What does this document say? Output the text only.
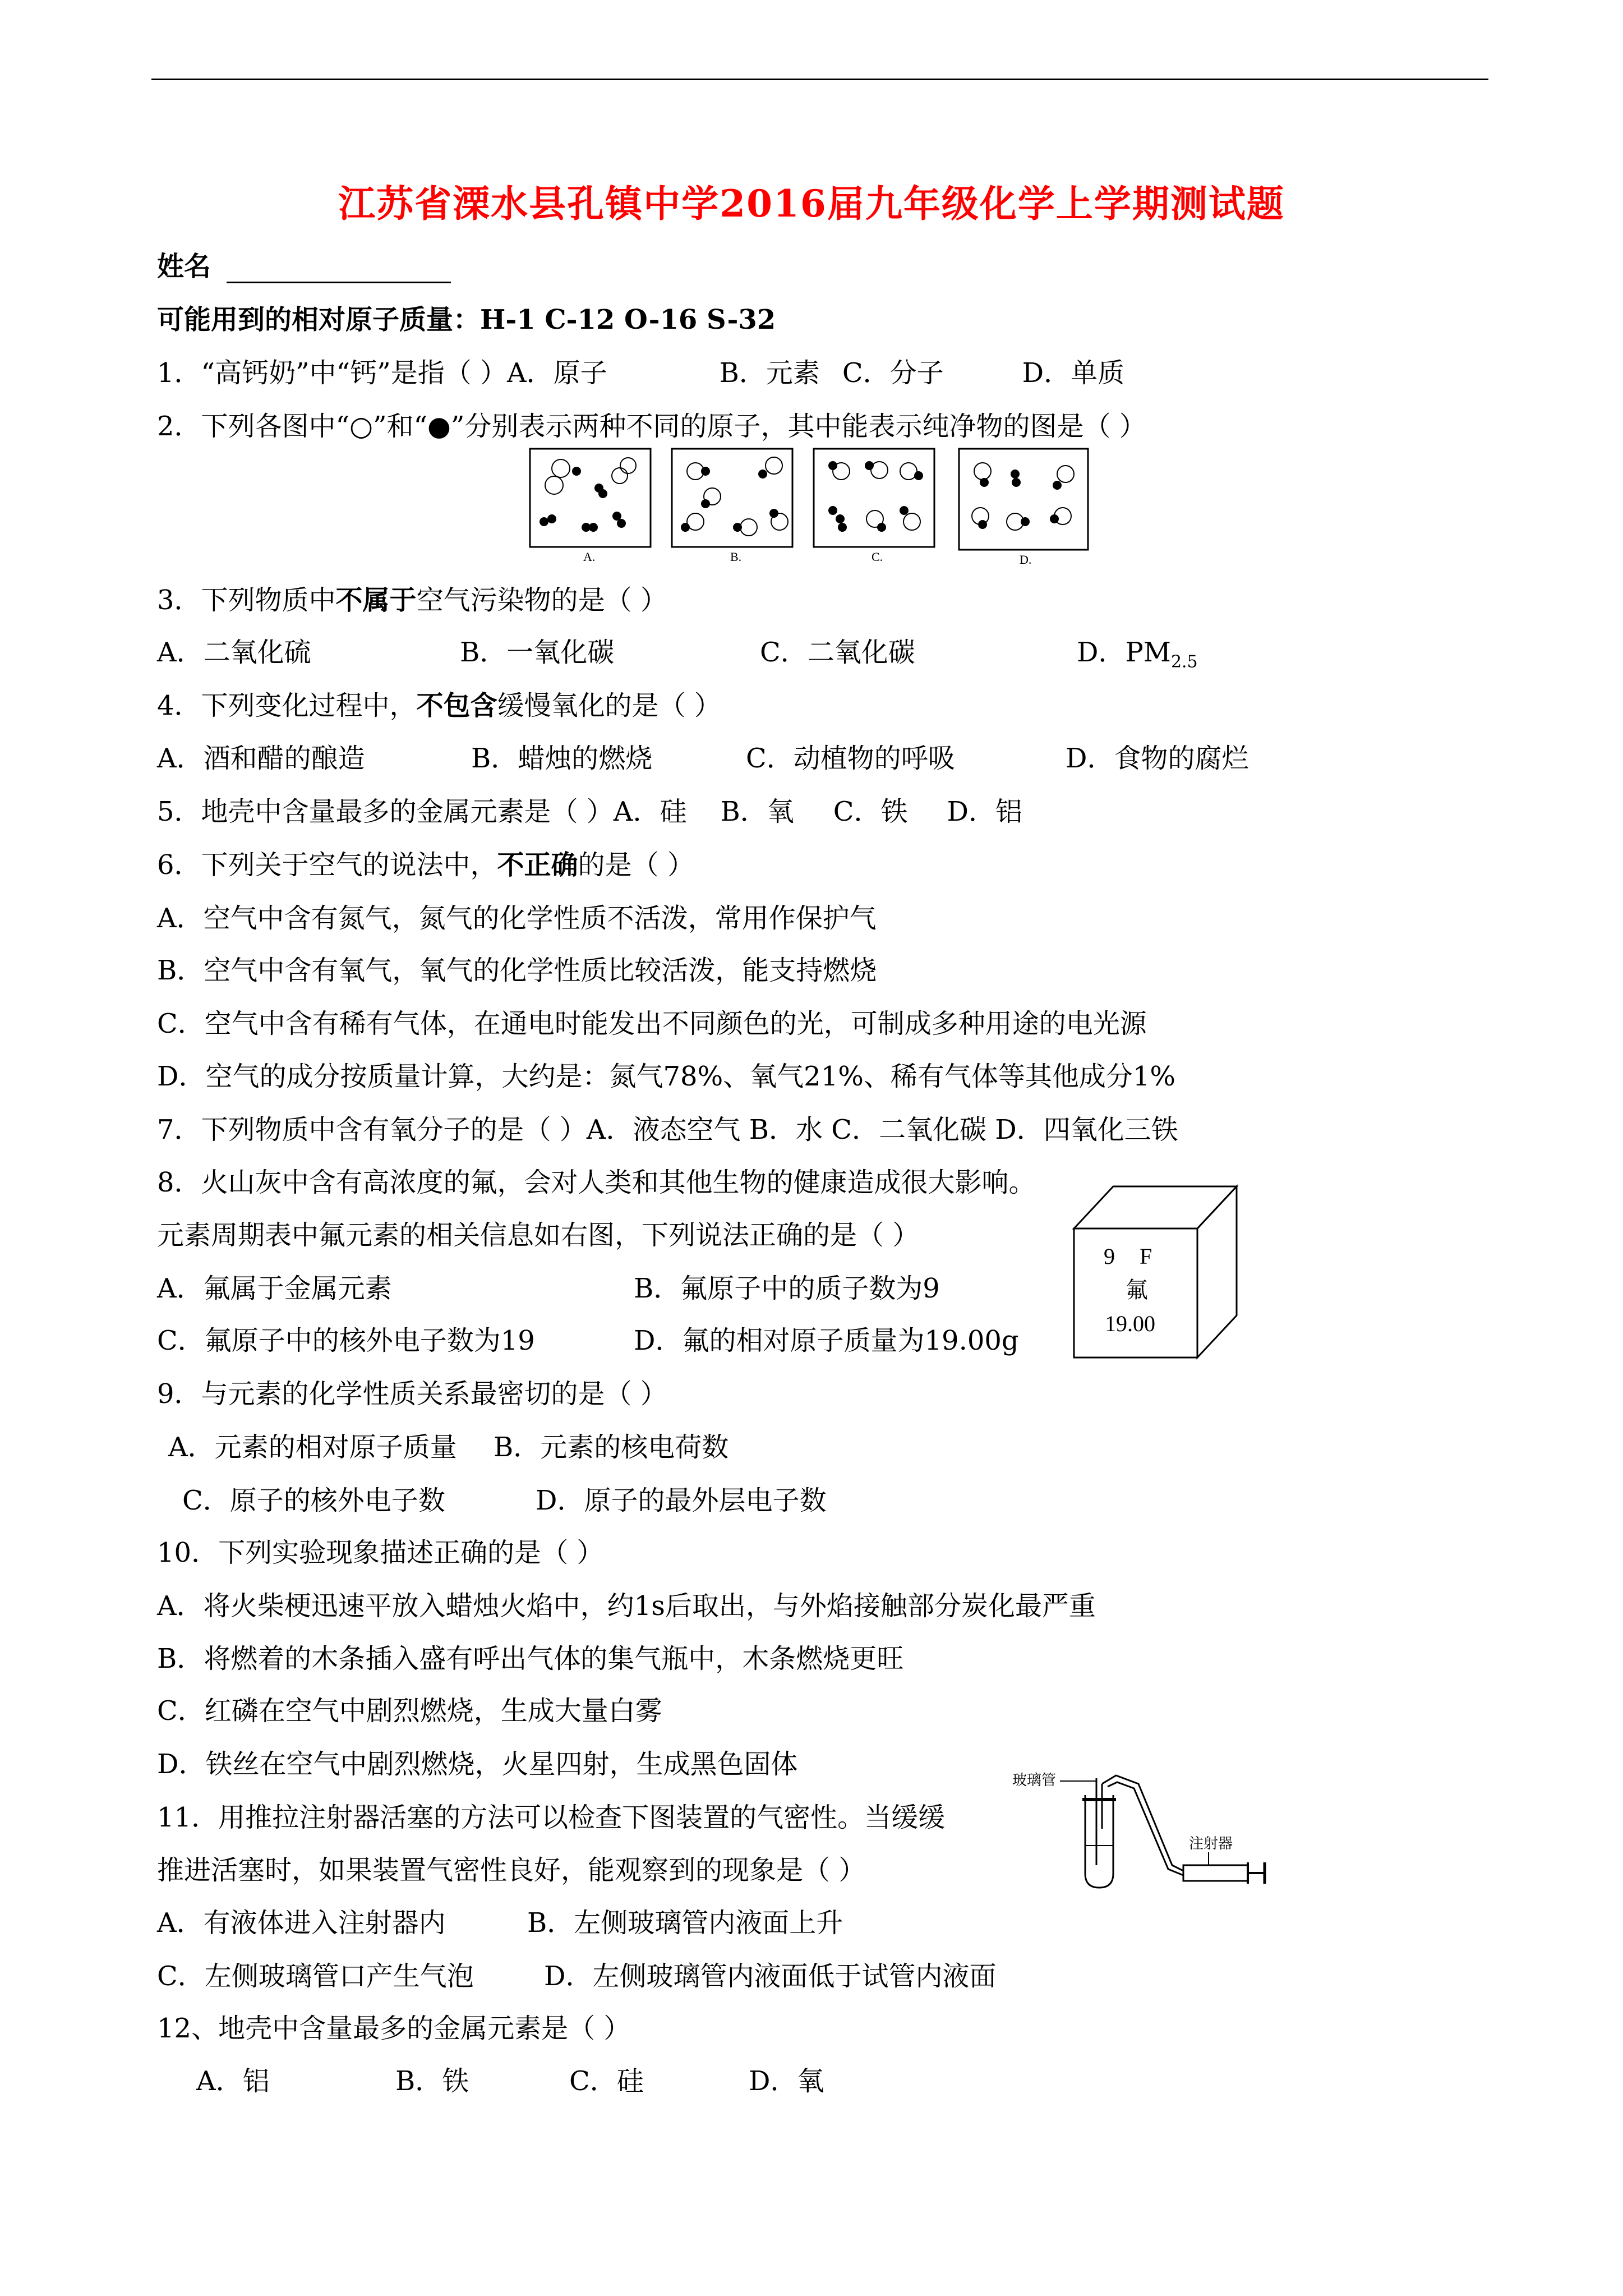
江苏省溧水县孔镇中学2016届九年级化学上学期测试题
姓名
可能用到的相对原子质量：H-1 C-12 O-16 S-32
1．“高钙奶”中“钙”是指（ ）A．原子	B．元素 C．分子	D．单质
2．下列各图中“○”和“●”分别表示两种不同的原子，其中能表示纯净物的图是（ ）
A.	B.	C.	D.
3．下列物质中不属于空气污染物的是（ ）
A．二氧化硫	B．一氧化碳	C．二氧化碳	D．$PM_{2.5}$
4．下列变化过程中，不包含缓慢氧化的是（ ）
A．酒和醋的酿造	B．蜡烛的燃烧	C．动植物的呼吸	D．食物的腐烂
5．地壳中含量最多的金属元素是（ ）A．硅 B．氧 C．铁 D．铝
6．下列关于空气的说法中，不正确的是（ ）
A．空气中含有氮气，氮气的化学性质不活泼，常用作保护气
B．空气中含有氧气，氧气的化学性质比较活泼，能支持燃烧
C．空气中含有稀有气体，在通电时能发出不同颜色的光，可制成多种用途的电光源
D．空气的成分按质量计算，大约是：氮气78%、氧气21%、稀有气体等其他成分1%
7．下列物质中含有氧分子的是（ ）A．液态空气 B．水 C．二氧化碳 D．四氧化三铁
8．火山灰中含有高浓度的氟，会对人类和其他生物的健康造成很大影响。
元素周期表中氟元素的相关信息如右图，下列说法正确的是（ ）
A．氟属于金属元素	B．氟原子中的质子数为9
C．氟原子中的核外电子数为19	D．氟的相对原子质量为19.00g
9 F
氟
19.00
9．与元素的化学性质关系最密切的是（ ）
A．元素的相对原子质量 B．元素的核电荷数
C．原子的核外电子数	D．原子的最外层电子数
10．下列实验现象描述正确的是（ ）
A．将火柴梗迅速平放入蜡烛火焰中，约1s后取出，与外焰接触部分炭化最严重
B．将燃着的木条插入盛有呼出气体的集气瓶中，木条燃烧更旺
C．红磷在空气中剧烈燃烧，生成大量白雾
D．铁丝在空气中剧烈燃烧，火星四射，生成黑色固体
11．用推拉注射器活塞的方法可以检查下图装置的气密性。当缓缓
推进活塞时，如果装置气密性良好，能观察到的现象是（ ）
A．有液体进入注射器内	B．左侧玻璃管内液面上升
C．左侧玻璃管口产生气泡	D．左侧玻璃管内液面低于试管内液面
玻璃管
注射器
12、地壳中含量最多的金属元素是（ ）
A．铝	B．铁	C．硅	D．氧
